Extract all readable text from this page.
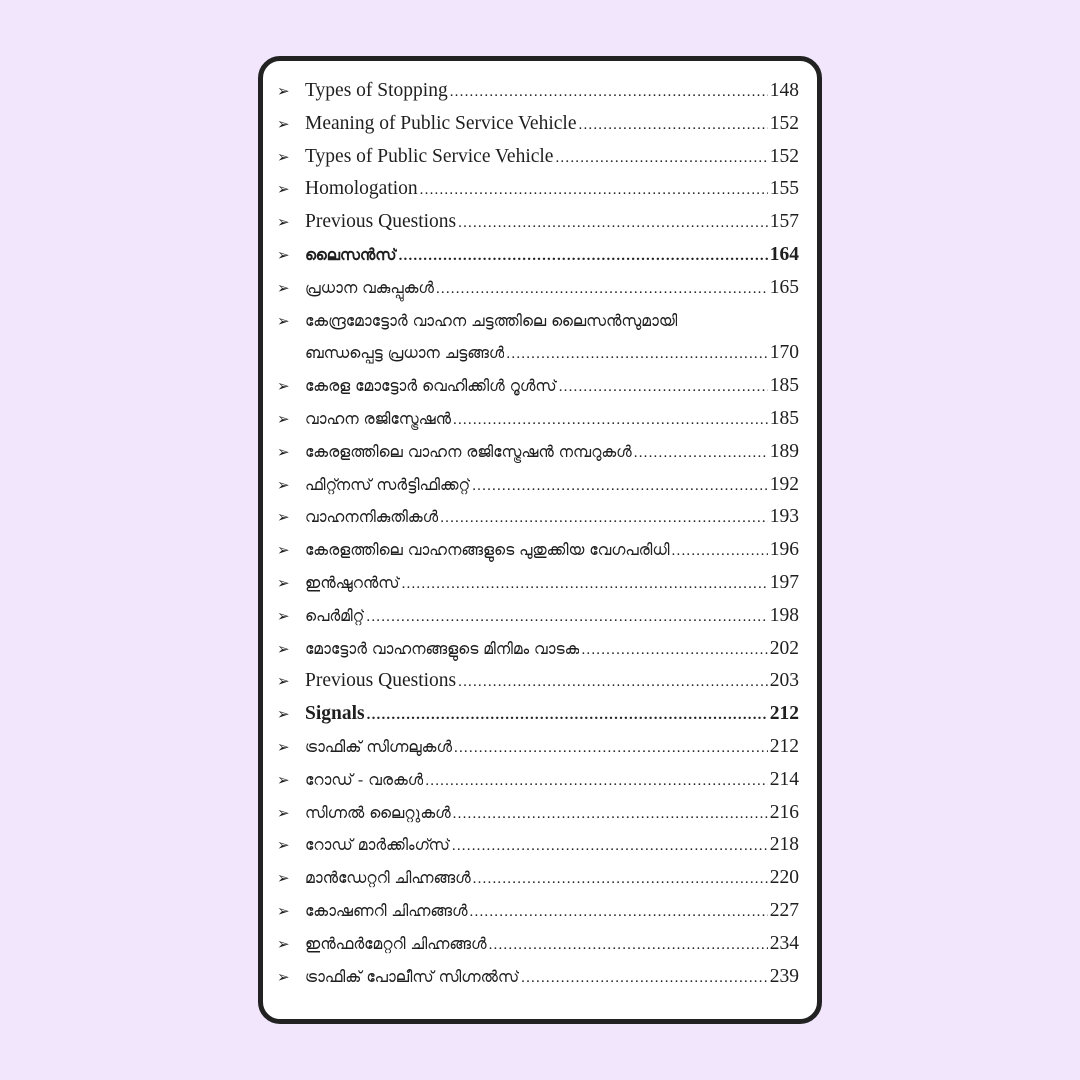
➢ Types of Stopping .....	148
➢ Meaning of Public Service Vehicle .....	152
➢ Types of Public Service Vehicle .....	152
➢ Homologation .....	155
➢ Previous Questions .....	157
➢ ലൈസൻസ് .....	164
➢ പ്രധാന വകുപ്പുകൾ .....	165
➢ കേന്ദ്രമോട്ടോർ വാഹന ചട്ടത്തിലെ ലൈസൻസുമായി
ബന്ധപ്പെട്ട പ്രധാന ചട്ടങ്ങൾ .....	170
➢ കേരള മോട്ടോർ വെഹിക്കിൾ റൂൾസ് .....	185
➢ വാഹന രജിസ്ട്രേഷൻ .....	185
➢ കേരളത്തിലെ വാഹന രജിസ്ട്രേഷൻ നമ്പറുകൾ .....	189
➢ ഫിറ്റ്നസ് സർട്ടിഫിക്കറ്റ് .....	192
➢ വാഹനനികുതികൾ .....	193
➢ കേരളത്തിലെ വാഹനങ്ങളുടെ പുതുക്കിയ വേഗപരിധി .....	196
➢ ഇൻഷുറൻസ് .....	197
➢ പെർമിറ്റ് .....	198
➢ മോട്ടോർ വാഹനങ്ങളുടെ മിനിമം വാടക .....	202
➢ Previous Questions .....	203
➢ Signals .....	212
➢ ട്രാഫിക് സിഗ്നലുകൾ .....	212
➢ റോഡ് - വരകൾ .....	214
➢ സിഗ്നൽ ലൈറ്റുകൾ .....	216
➢ റോഡ് മാർക്കിംഗ്സ് .....	218
➢ മാൻഡേറ്ററി ചിഹ്നങ്ങൾ .....	220
➢ കോഷണറി ചിഹ്നങ്ങൾ .....	227
➢ ഇൻഫർമേറ്ററി ചിഹ്നങ്ങൾ .....	234
➢ ട്രാഫിക് പോലീസ് സിഗ്നൽസ് .....	239
